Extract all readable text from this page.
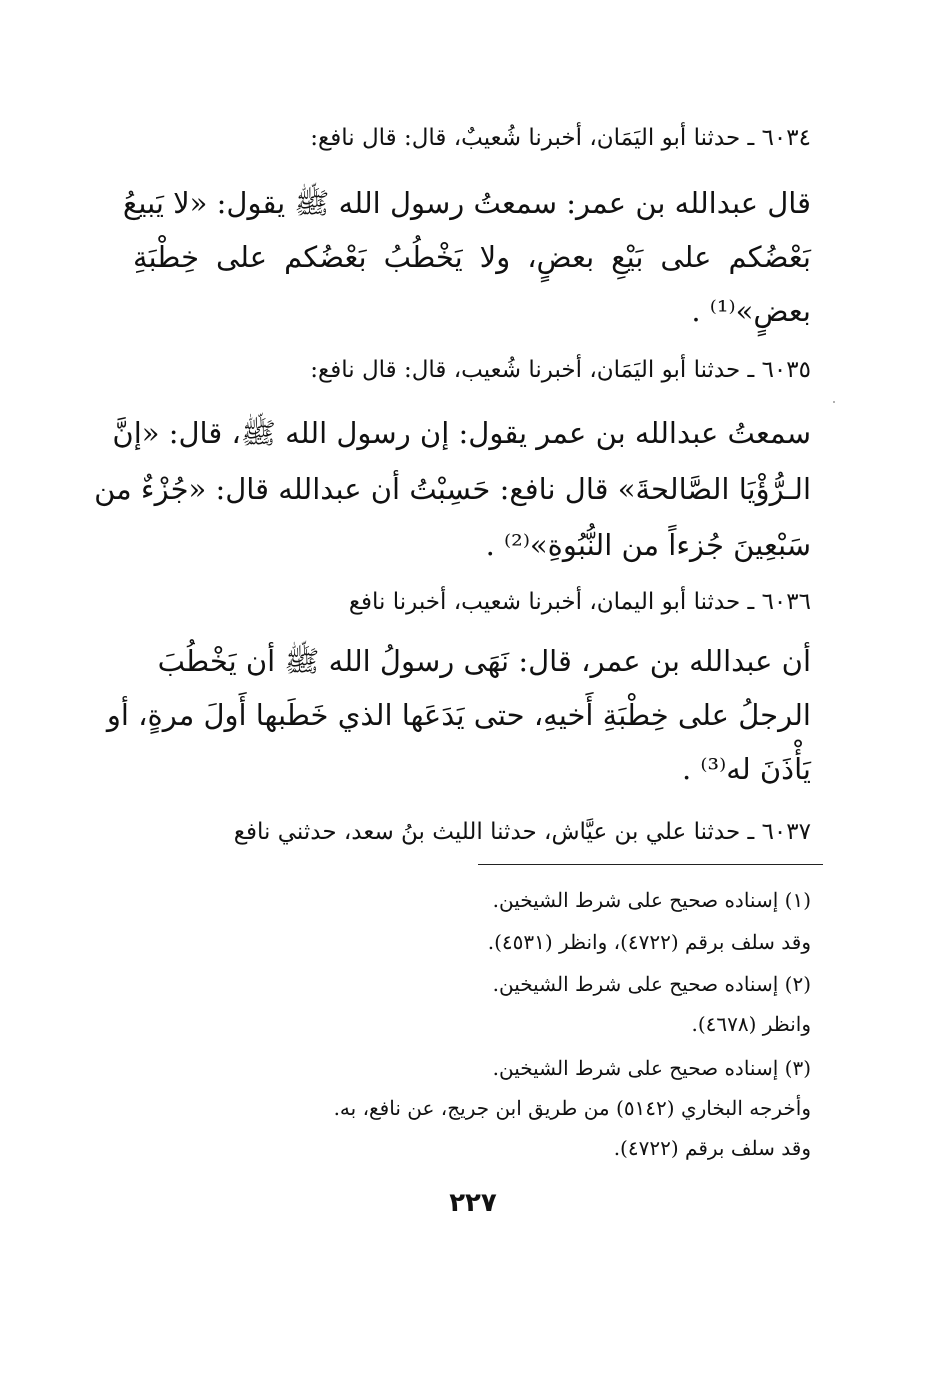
٦٠٣٤ ـ حدثنا أبو اليَمَان، أخبرنا شُعيبٌ، قال: قال نافع:
قال عبدالله بن عمر: سمعتُ رسول الله ﷺ يقول: «لا يَبيعُ
بَعْضُكم على بَيْعِ بعضٍ، ولا يَخْطُبُ بَعْضُكم على خِطْبَةِ
بعضٍ»⁽¹⁾ .
٦٠٣٥ ـ حدثنا أبو اليَمَان، أخبرنا شُعيب، قال: قال نافع:
سمعتُ عبدالله بن عمر يقول: إن رسول الله ﷺ، قال: «إنَّ
الـرُّؤْيَا الصَّالحةَ» قال نافع: حَسِبْتُ أن عبدالله قال: «جُزْءٌ من
سَبْعِينَ جُزءاً من النُّبُوةِ»⁽²⁾ .
٦٠٣٦ ـ حدثنا أبو اليمان، أخبرنا شعيب، أخبرنا نافع
أن عبدالله بن عمر، قال: نَهَى رسولُ الله ﷺ أن يَخْطُبَ
الرجلُ على خِطْبَةِ أَخيهِ، حتى يَدَعَها الذي خَطَبها أَولَ مرةٍ، أو
يَأْذَنَ له⁽³⁾ .
٦٠٣٧ ـ حدثنا علي بن عيَّاش، حدثنا الليث بنُ سعد، حدثني نافع
(١) إسناده صحيح على شرط الشيخين.
وقد سلف برقم (٤٧٢٢)، وانظر (٤٥٣١).
(٢) إسناده صحيح على شرط الشيخين.
وانظر (٤٦٧٨).
(٣) إسناده صحيح على شرط الشيخين.
وأخرجه البخاري (٥١٤٢) من طريق ابن جريج، عن نافع، به.
وقد سلف برقم (٤٧٢٢).
٢٢٧
